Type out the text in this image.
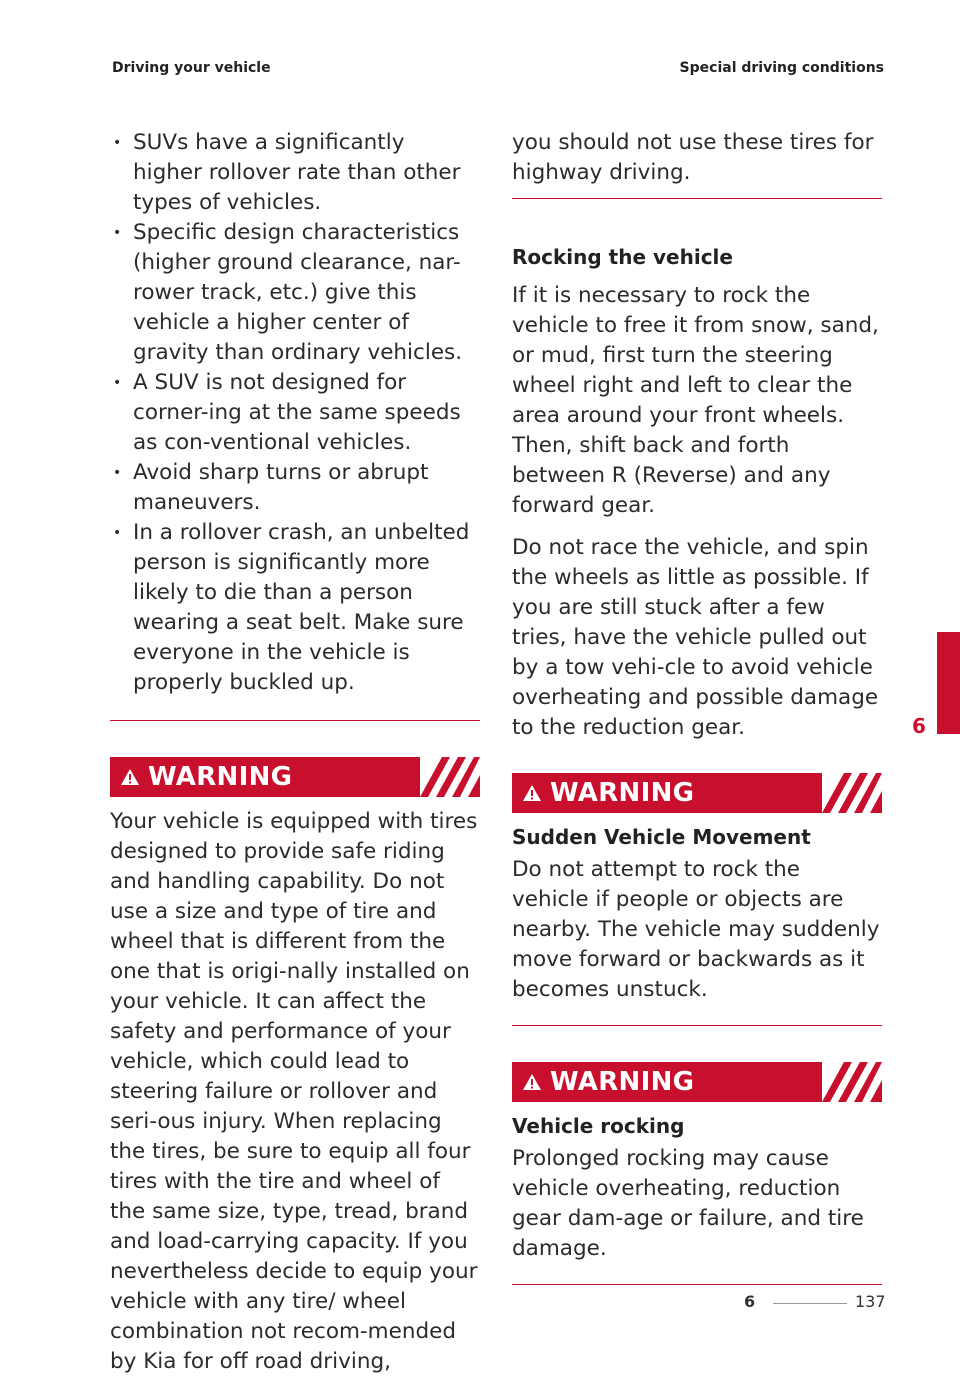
Driving your vehicle	Special driving conditions
• SUVs have a significantly higher rollover rate than other types of vehicles.
• Specific design characteristics (higher ground clearance, nar-rower track, etc.) give this vehicle a higher center of gravity than ordinary vehicles.
• A SUV is not designed for corner-ing at the same speeds as con-ventional vehicles.
• Avoid sharp turns or abrupt maneuvers.
• In a rollover crash, an unbelted person is significantly more likely to die than a person wearing a seat belt. Make sure everyone in the vehicle is properly buckled up.
WARNING

Your vehicle is equipped with tires designed to provide safe riding and handling capability. Do not use a size and type of tire and wheel that is different from the one that is origi-nally installed on your vehicle. It can affect the safety and performance of your vehicle, which could lead to steering failure or rollover and seri-ous injury. When replacing the tires, be sure to equip all four tires with the tire and wheel of the same size, type, tread, brand and load-carrying capacity. If you nevertheless decide to equip your vehicle with any tire/ wheel combination not recom-mended by Kia for off road driving,

you should not use these tires for highway driving.

Rocking the vehicle

If it is necessary to rock the vehicle to free it from snow, sand, or mud, first turn the steering wheel right and left to clear the area around your front wheels. Then, shift back and forth between R (Reverse) and any forward gear.

Do not race the vehicle, and spin the wheels as little as possible. If you are still stuck after a few tries, have the vehicle pulled out by a tow vehi-cle to avoid vehicle overheating and possible damage to the reduction gear.

WARNING

Sudden Vehicle Movement

Do not attempt to rock the vehicle if people or objects are nearby. The vehicle may suddenly move forward or backwards as it becomes unstuck.

WARNING

Vehicle rocking

Prolonged rocking may cause vehicle overheating, reduction gear dam-age or failure, and tire damage.

6
6	137
